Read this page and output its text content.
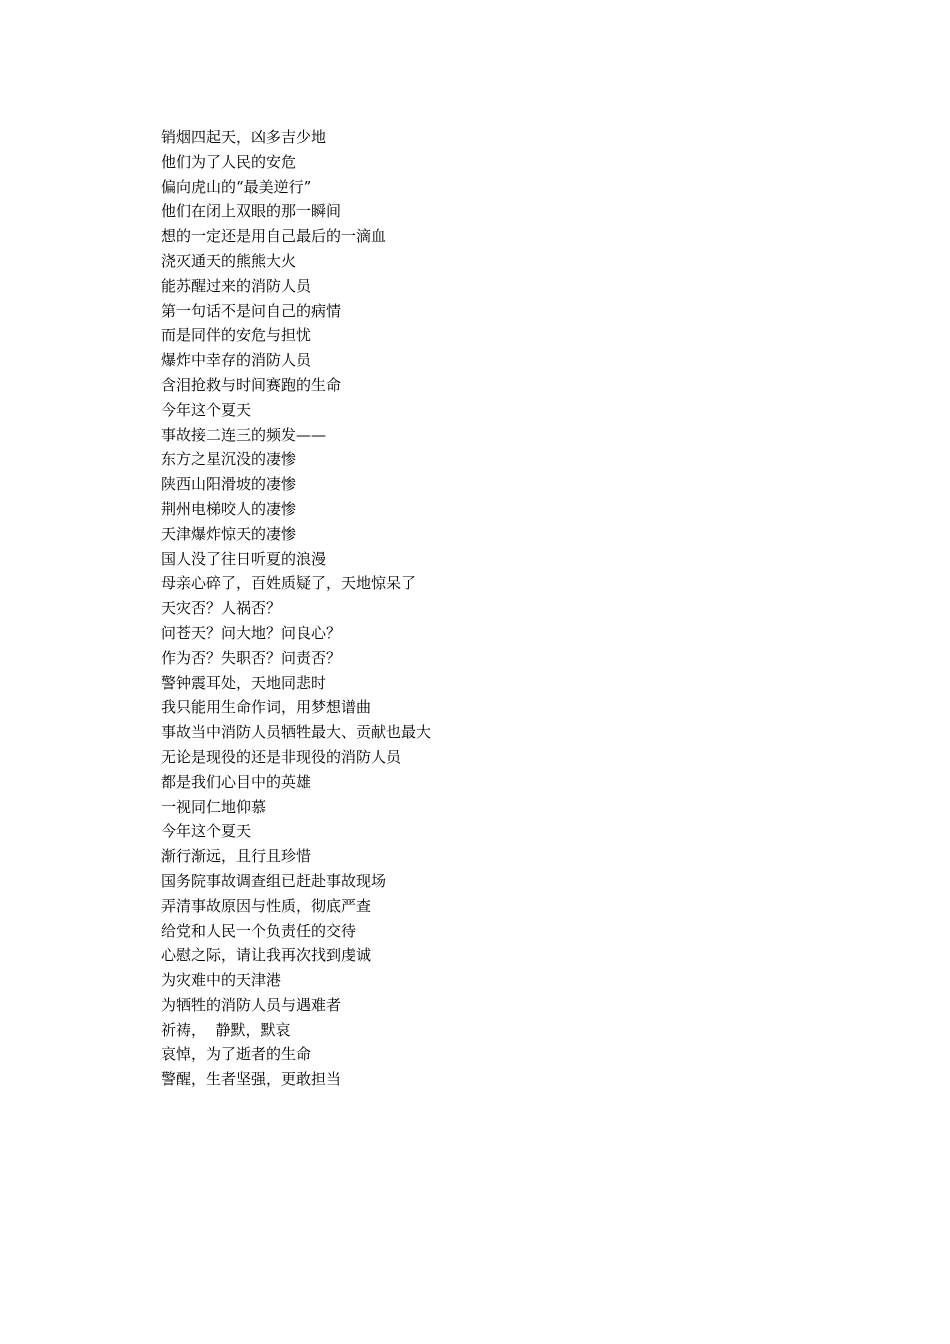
销烟四起天，凶多吉少地
他们为了人民的安危
偏向虎山的“最美逆行”
他们在闭上双眼的那一瞬间
想的一定还是用自己最后的一滴血
浇灭通天的熊熊大火
能苏醒过来的消防人员
第一句话不是问自己的病情
而是同伴的安危与担忧
爆炸中幸存的消防人员
含泪抢救与时间赛跑的生命
今年这个夏天
事故接二连三的频发——
东方之星沉没的凄惨
陕西山阳滑坡的凄惨
荆州电梯咬人的凄惨
天津爆炸惊天的凄惨
国人没了往日听夏的浪漫
母亲心碎了，百姓质疑了，天地惊呆了
天灾否？人祸否？
问苍天？问大地？问良心？
作为否？失职否？问责否？
警钟震耳处，天地同悲时
我只能用生命作词，用梦想谱曲
事故当中消防人员牺牲最大、贡献也最大
无论是现役的还是非现役的消防人员
都是我们心目中的英雄
一视同仁地仰慕
今年这个夏天
渐行渐远，且行且珍惜
国务院事故调查组已赶赴事故现场
弄清事故原因与性质，彻底严查
给党和人民一个负责任的交待
心慰之际，请让我再次找到虔诚
为灾难中的天津港
为牺牲的消防人员与遇难者
祈祷，  静默，默哀
哀悼，为了逝者的生命
警醒，生者坚强，更敢担当
